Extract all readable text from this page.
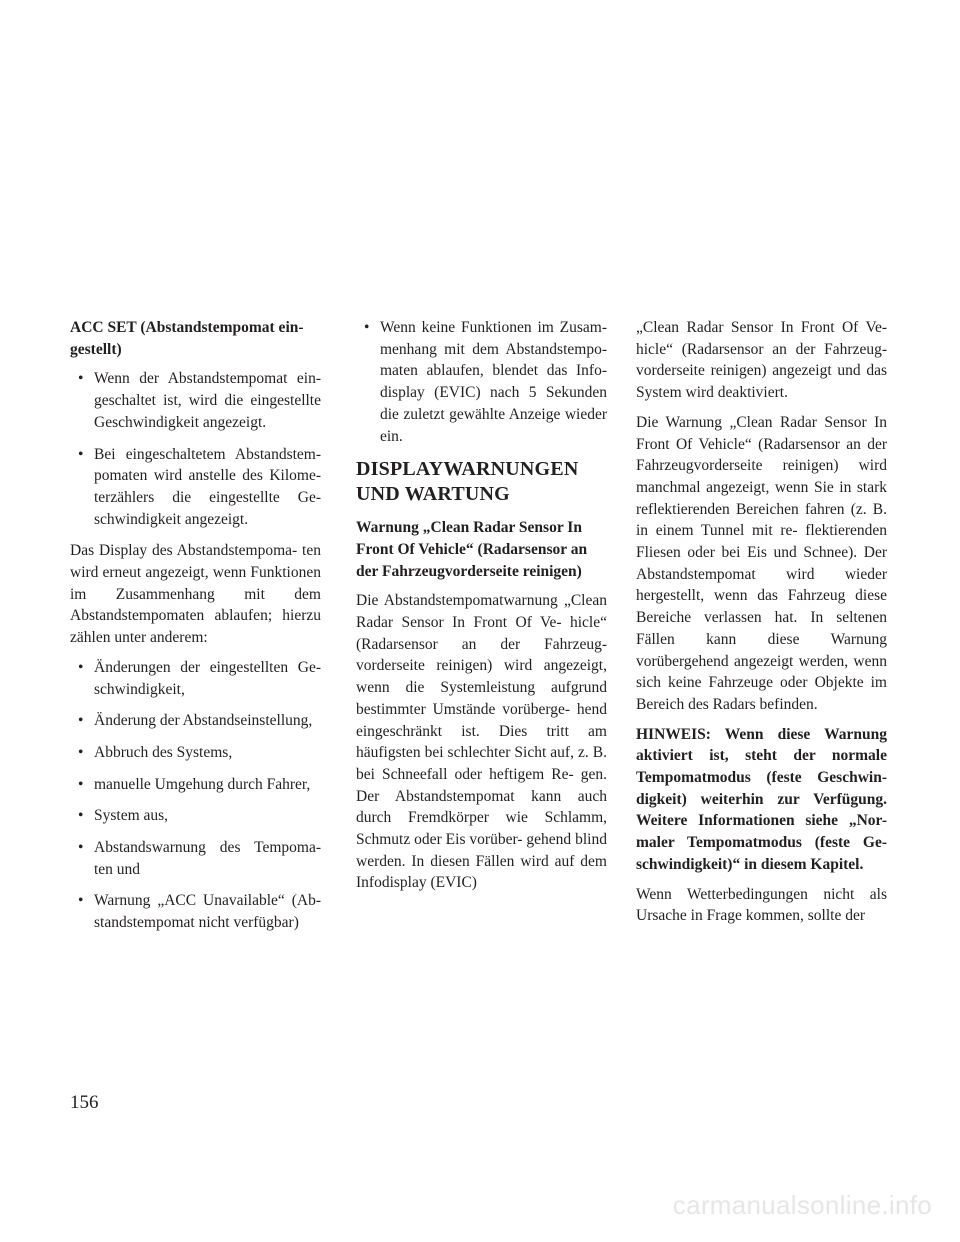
ACC SET (Abstandstempomat ein- gestellt)
• Wenn der Abstandstempomat ein- geschaltet ist, wird die eingestellte Geschwindigkeit angezeigt.
• Bei eingeschaltetem Abstandstem- pomaten wird anstelle des Kilome- terzählers die eingestellte Ge- schwindigkeit angezeigt.

Das Display des Abstandstempoma- ten wird erneut angezeigt, wenn Funktionen im Zusammenhang mit dem Abstandstempomaten ablaufen; hierzu zählen unter anderem:

• Änderungen der eingestellten Ge- schwindigkeit,
• Änderung der Abstandseinstellung,
• Abbruch des Systems,
• manuelle Umgehung durch Fahrer,
• System aus,
• Abstandswarnung des Tempoma- ten und
• Warnung „ACC Unavailable“ (Ab- standstempomat nicht verfügbar)
• Wenn keine Funktionen im Zusam- menhang mit dem Abstandstempo- maten ablaufen, blendet das Info- display (EVIC) nach 5 Sekunden die zuletzt gewählte Anzeige wieder ein.
DISPLAYWARNUNGEN UND WARTUNG
Warnung „Clean Radar Sensor In Front Of Vehicle“ (Radarsensor an der Fahrzeugvorderseite reinigen)

Die Abstandstempomatwarnung „Clean Radar Sensor In Front Of Ve- hicle“ (Radarsensor an der Fahrzeug- vorderseite reinigen) wird angezeigt, wenn die Systemleistung aufgrund bestimmter Umstände vorüberge- hend eingeschränkt ist. Dies tritt am häufigsten bei schlechter Sicht auf, z. B. bei Schneefall oder heftigem Re- gen. Der Abstandstempomat kann auch durch Fremdkörper wie Schlamm, Schmutz oder Eis vorüber- gehend blind werden. In diesen Fällen wird auf dem Infodisplay (EVIC)

„Clean Radar Sensor In Front Of Ve- hicle“ (Radarsensor an der Fahrzeug- vorderseite reinigen) angezeigt und das System wird deaktiviert.

Die Warnung „Clean Radar Sensor In Front Of Vehicle“ (Radarsensor an der Fahrzeugvorderseite reinigen) wird manchmal angezeigt, wenn Sie in stark reflektierenden Bereichen fahren (z. B. in einem Tunnel mit re- flektierenden Fliesen oder bei Eis und Schnee). Der Abstandstempomat wird wieder hergestellt, wenn das Fahrzeug diese Bereiche verlassen hat. In seltenen Fällen kann diese Warnung vorübergehend angezeigt werden, wenn sich keine Fahrzeuge oder Objekte im Bereich des Radars befinden.

HINWEIS: Wenn diese Warnung aktiviert ist, steht der normale Tempomatmodus (feste Geschwin- digkeit) weiterhin zur Verfügung. Weitere Informationen siehe „Nor- maler Tempomatmodus (feste Ge- schwindigkeit)“ in diesem Kapitel.

Wenn Wetterbedingungen nicht als Ursache in Frage kommen, sollte der

156
carmanualsonline.info
